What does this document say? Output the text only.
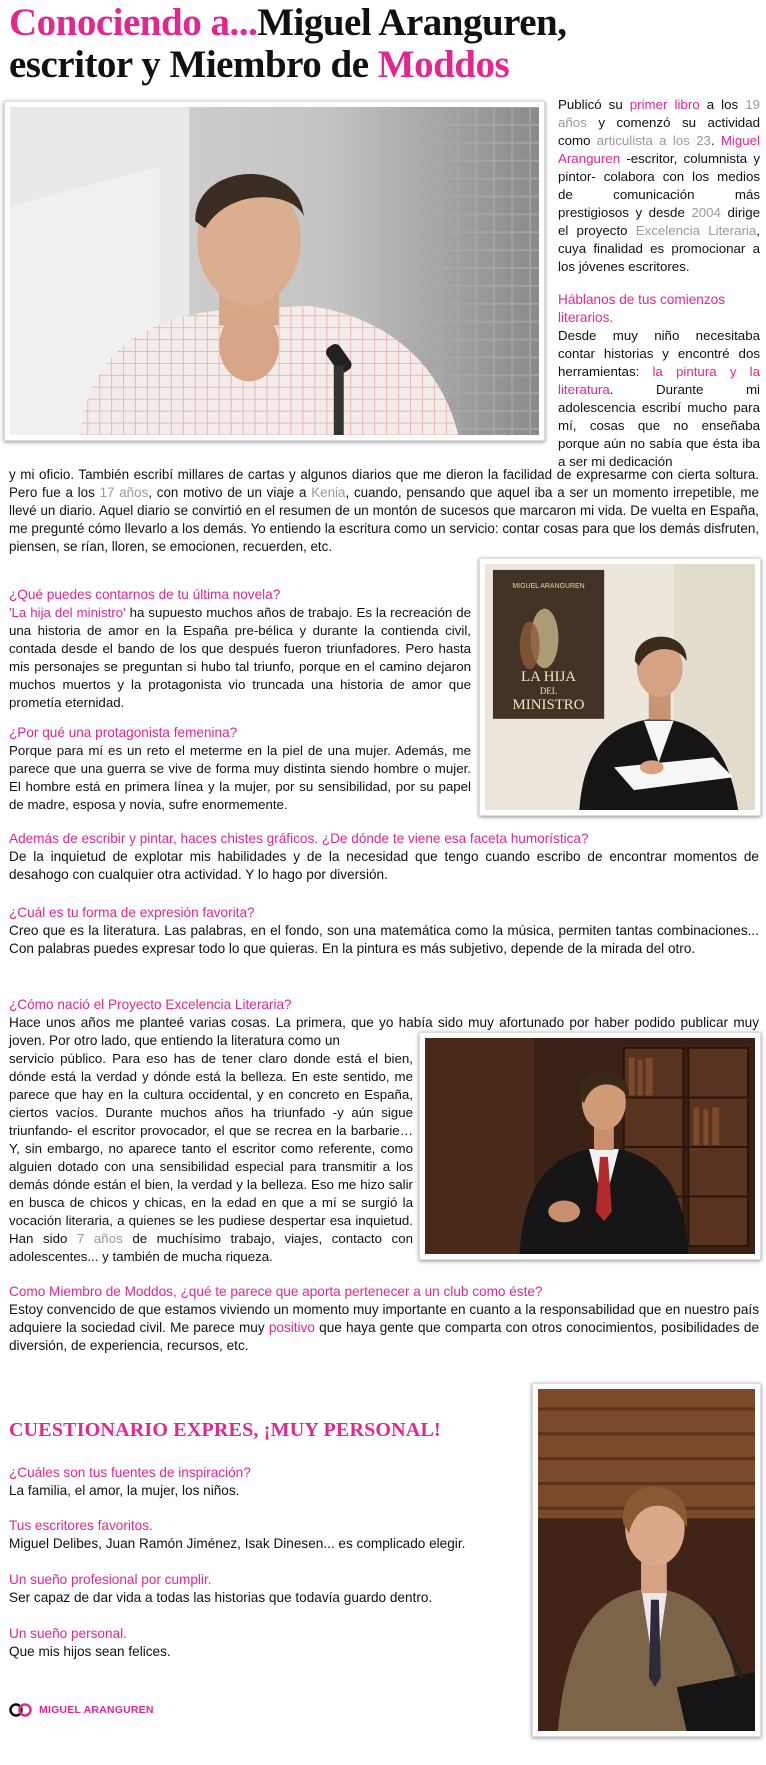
Conociendo a...Miguel Aranguren,
escritor y Miembro de Moddos

Publicó su primer libro a los 19 años y comenzó su actividad como articulista a los 23. Miguel Aranguren -escritor, columnista y pintor- colabora con los medios de comunicación más prestigiosos y desde 2004 dirige el proyecto Excelencia Literaria, cuya finalidad es promocionar a los jóvenes escritores.

Háblanos de tus comienzos literarios.

Desde muy niño necesitaba contar historias y encontré dos herramientas: la pintura y la literatura. Durante mi adolescencia escribí mucho para mí, cosas que no enseñaba porque aún no sabía que ésta iba a ser mi dedicación

y mi oficio. También escribí millares de cartas y algunos diarios que me dieron la facilidad de expresarme con cierta soltura. Pero fue a los 17 años, con motivo de un viaje a Kenia, cuando, pensando que aquel iba a ser un momento irrepetible, me llevé un diario. Aquel diario se convirtió en el resumen de un montón de sucesos que marcaron mi vida. De vuelta en España, me pregunté cómo llevarlo a los demás. Yo entiendo la escritura como un servicio: contar cosas para que los demás disfruten, piensen, se rían, lloren, se emocionen, recuerden, etc.

MIGUEL ARANGUREN
LA HIJA
DEL
MINISTRO

¿Qué puedes contarnos de tu última novela?

'La hija del ministro' ha supuesto muchos años de trabajo. Es la recreación de una historia de amor en la España pre-bélica y durante la contienda civil, contada desde el bando de los que después fueron triunfadores. Pero hasta mis personajes se preguntan si hubo tal triunfo, porque en el camino dejaron muchos muertos y la protagonista vio truncada una historia de amor que prometía eternidad.

¿Por qué una protagonista femenina?

Porque para mí es un reto el meterme en la piel de una mujer. Además, me parece que una guerra se vive de forma muy distinta siendo hombre o mujer. El hombre está en primera línea y la mujer, por su sensibilidad, por su papel de madre, esposa y novia, sufre enormemente.

Además de escribir y pintar, haces chistes gráficos. ¿De dónde te viene esa faceta humorística?

De la inquietud de explotar mis habilidades y de la necesidad que tengo cuando escribo de encontrar momentos de desahogo con cualquier otra actividad. Y lo hago por diversión.

¿Cuál es tu forma de expresión favorita?

Creo que es la literatura. Las palabras, en el fondo, son una matemática como la música, permiten tantas combinaciones... Con palabras puedes expresar todo lo que quieras. En la pintura es más subjetivo, depende de la mirada del otro.

¿Cómo nació el Proyecto Excelencia Literaria?

Hace unos años me planteé varias cosas. La primera, que yo había sido muy afortunado por haber podido publicar muy joven. Por otro lado, que entiendo la literatura como un

servicio público. Para eso has de tener claro donde está el bien, dónde está la verdad y dónde está la belleza. En este sentido, me parece que hay en la cultura occidental, y en concreto en España, ciertos vacíos. Durante muchos años ha triunfado -y aún sigue triunfando- el escritor provocador, el que se recrea en la barbarie… Y, sin embargo, no aparece tanto el escritor como referente, como alguien dotado con una sensibilidad especial para transmitir a los demás dónde están el bien, la verdad y la belleza. Eso me hizo salir en busca de chicos y chicas, en la edad en que a mí se surgió la vocación literaria, a quienes se les pudiese despertar esa inquietud. Han sido 7 años de muchísimo trabajo, viajes, contacto con adolescentes... y también de mucha riqueza.

Como Miembro de Moddos, ¿qué te parece que aporta pertenecer a un club como éste?

Estoy convencido de que estamos viviendo un momento muy importante en cuanto a la responsabilidad que en nuestro país adquiere la sociedad civil. Me parece muy positivo que haya gente que comparta con otros conocimientos, posibilidades de diversión, de experiencia, recursos, etc.

CUESTIONARIO EXPRES, ¡MUY PERSONAL!

¿Cuáles son tus fuentes de inspiración?

La familia, el amor, la mujer, los niños.

Tus escritores favoritos.

Miguel Delibes, Juan Ramón Jiménez, Isak Dinesen... es complicado elegir.

Un sueño profesional por cumplir.

Ser capaz de dar vida a todas las historias que todavía guardo dentro.

Un sueño personal.

Que mis hijos sean felices.

MIGUEL ARANGUREN
